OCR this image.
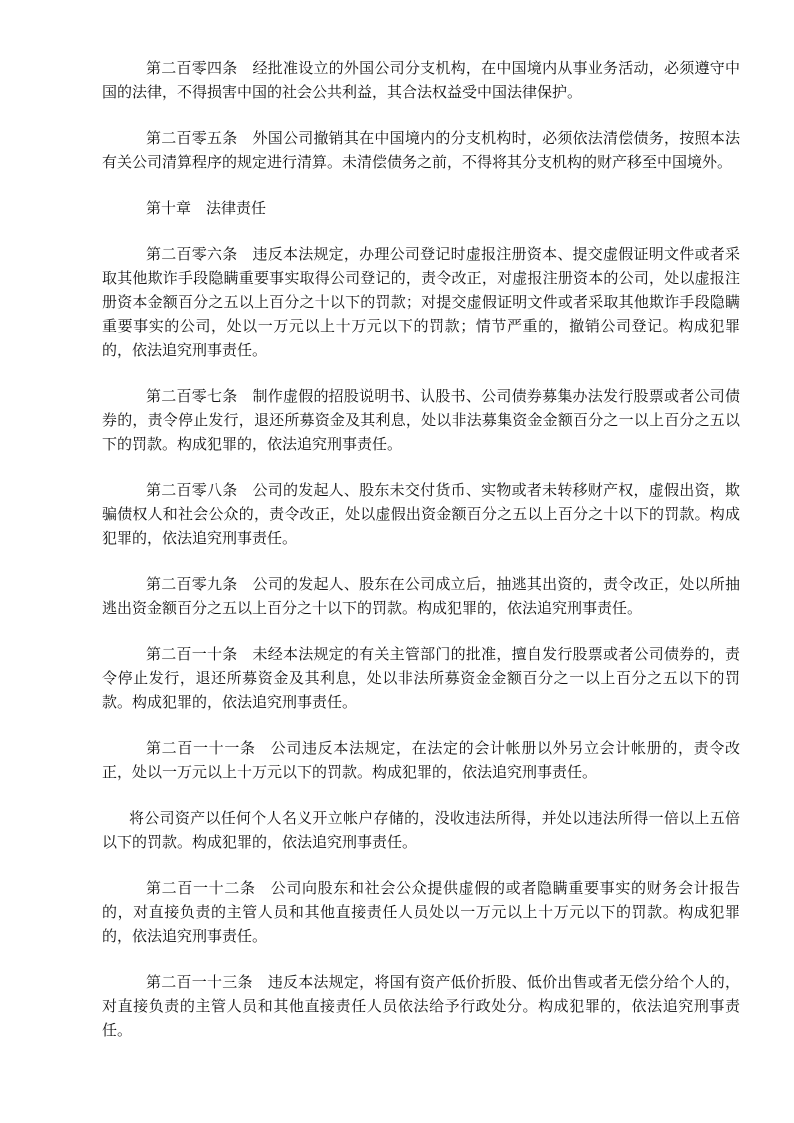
第二百零四条 经批准设立的外国公司分支机构，在中国境内从事业务活动，必须遵守中国的法律，不得损害中国的社会公共利益，其合法权益受中国法律保护。

第二百零五条 外国公司撤销其在中国境内的分支机构时，必须依法清偿债务，按照本法有关公司清算程序的规定进行清算。未清偿债务之前，不得将其分支机构的财产移至中国境外。

第十章 法律责任

第二百零六条 违反本法规定，办理公司登记时虚报注册资本、提交虚假证明文件或者采取其他欺诈手段隐瞒重要事实取得公司登记的，责令改正，对虚报注册资本的公司，处以虚报注册资本金额百分之五以上百分之十以下的罚款；对提交虚假证明文件或者采取其他欺诈手段隐瞒重要事实的公司，处以一万元以上十万元以下的罚款；情节严重的，撤销公司登记。构成犯罪的，依法追究刑事责任。

第二百零七条 制作虚假的招股说明书、认股书、公司债券募集办法发行股票或者公司债券的，责令停止发行，退还所募资金及其利息，处以非法募集资金金额百分之一以上百分之五以下的罚款。构成犯罪的，依法追究刑事责任。

第二百零八条 公司的发起人、股东未交付货币、实物或者未转移财产权，虚假出资，欺骗债权人和社会公众的，责令改正，处以虚假出资金额百分之五以上百分之十以下的罚款。构成犯罪的，依法追究刑事责任。

第二百零九条 公司的发起人、股东在公司成立后，抽逃其出资的，责令改正，处以所抽逃出资金额百分之五以上百分之十以下的罚款。构成犯罪的，依法追究刑事责任。

第二百一十条 未经本法规定的有关主管部门的批准，擅自发行股票或者公司债券的，责令停止发行，退还所募资金及其利息，处以非法所募资金金额百分之一以上百分之五以下的罚款。构成犯罪的，依法追究刑事责任。

第二百一十一条 公司违反本法规定，在法定的会计帐册以外另立会计帐册的，责令改正，处以一万元以上十万元以下的罚款。构成犯罪的，依法追究刑事责任。

将公司资产以任何个人名义开立帐户存储的，没收违法所得，并处以违法所得一倍以上五倍以下的罚款。构成犯罪的，依法追究刑事责任。

第二百一十二条 公司向股东和社会公众提供虚假的或者隐瞒重要事实的财务会计报告的，对直接负责的主管人员和其他直接责任人员处以一万元以上十万元以下的罚款。构成犯罪的，依法追究刑事责任。

第二百一十三条 违反本法规定，将国有资产低价折股、低价出售或者无偿分给个人的，对直接负责的主管人员和其他直接责任人员依法给予行政处分。构成犯罪的，依法追究刑事责任。
